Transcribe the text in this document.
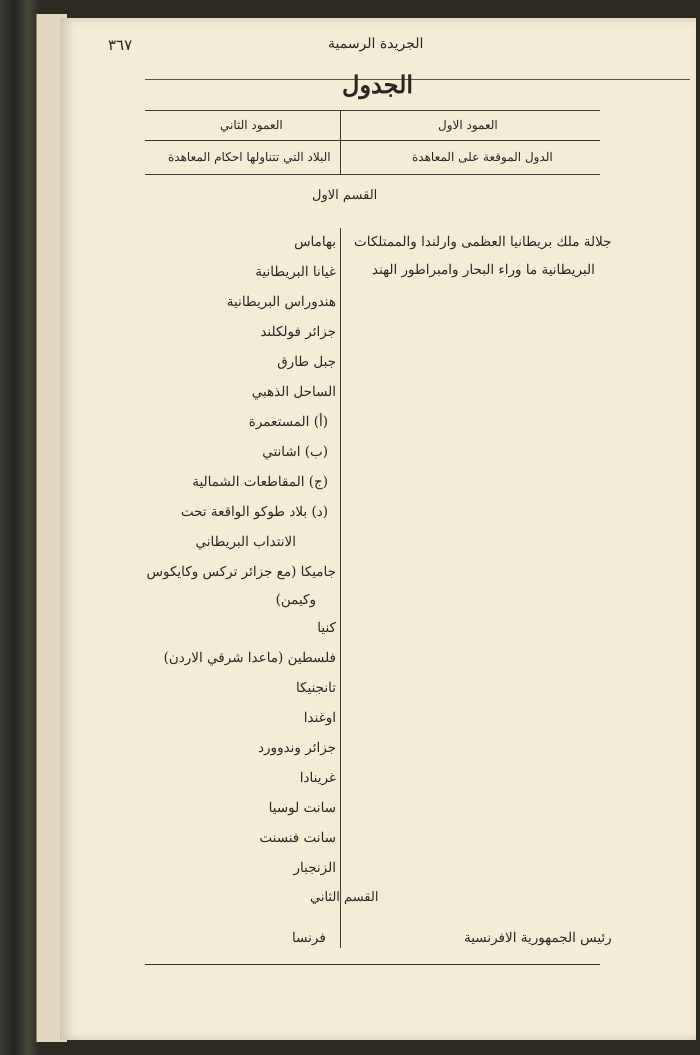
٣٦٧	الجريدة الرسمية
الجدول
العمود الاول
العمود الثاني
الدول الموقعة على المعاهدة
البلاد التي تتناولها احكام المعاهدة
القسم الاول
جلالة ملك بريطانيا العظمى وارلندا والممتلكات
البريطانية ما وراء البحار وامبراطور الهند
بهاماس
غيانا البريطانية
هندوراس البريطانية
جزائر فولكلند
جبل طارق
الساحل الذهبي
(أ) المستعمرة
(ب) اشانتي
(ج) المقاطعات الشمالية
(د) بلاد طوكو الواقعة تحت
الانتداب البريطاني
جاميكا (مع جزائر تركس وكايكوس
وكيمن)
كنيا
فلسطين (ماعدا شرقي الاردن)
تانجنيكا
اوغندا
جزائر وندوورد
غرينادا
سانت لوسيا
سانت فنسنت
الزنجبار
القسم الثاني
رئيس الجمهورية الافرنسية
فرنسا
